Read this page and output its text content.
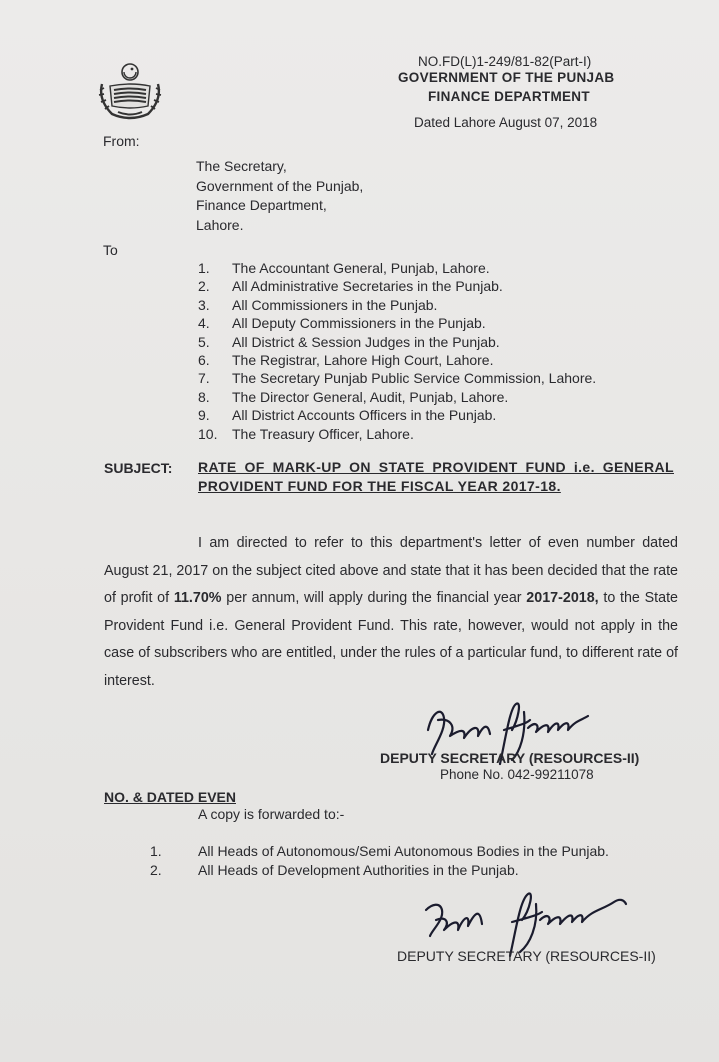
NO.FD(L)1-249/81-82(Part-I)
GOVERNMENT OF THE PUNJAB
FINANCE DEPARTMENT
Dated Lahore August 07, 2018
From:
The Secretary,
Government of the Punjab,
Finance Department,
Lahore.
To
1.	The Accountant General, Punjab, Lahore.
2.	All Administrative Secretaries in the Punjab.
3.	All Commissioners in the Punjab.
4.	All Deputy Commissioners in the Punjab.
5.	All District & Session Judges in the Punjab.
6.	The Registrar, Lahore High Court, Lahore.
7.	The Secretary Punjab Public Service Commission, Lahore.
8.	The Director General, Audit, Punjab, Lahore.
9.	All District Accounts Officers in the Punjab.
10.	The Treasury Officer, Lahore.
SUBJECT: RATE OF MARK-UP ON STATE PROVIDENT FUND i.e. GENERAL PROVIDENT FUND FOR THE FISCAL YEAR 2017-18.
I am directed to refer to this department's letter of even number dated August 21, 2017 on the subject cited above and state that it has been decided that the rate of profit of 11.70% per annum, will apply during the financial year 2017-2018, to the State Provident Fund i.e. General Provident Fund. This rate, however, would not apply in the case of subscribers who are entitled, under the rules of a particular fund, to different rate of interest.
DEPUTY SECRETARY (RESOURCES-II)
Phone No. 042-99211078
NO. & DATED EVEN
A copy is forwarded to:-
1.	All Heads of Autonomous/Semi Autonomous Bodies in the Punjab.
2.	All Heads of Development Authorities in the Punjab.
DEPUTY SECRETARY (RESOURCES-II)
